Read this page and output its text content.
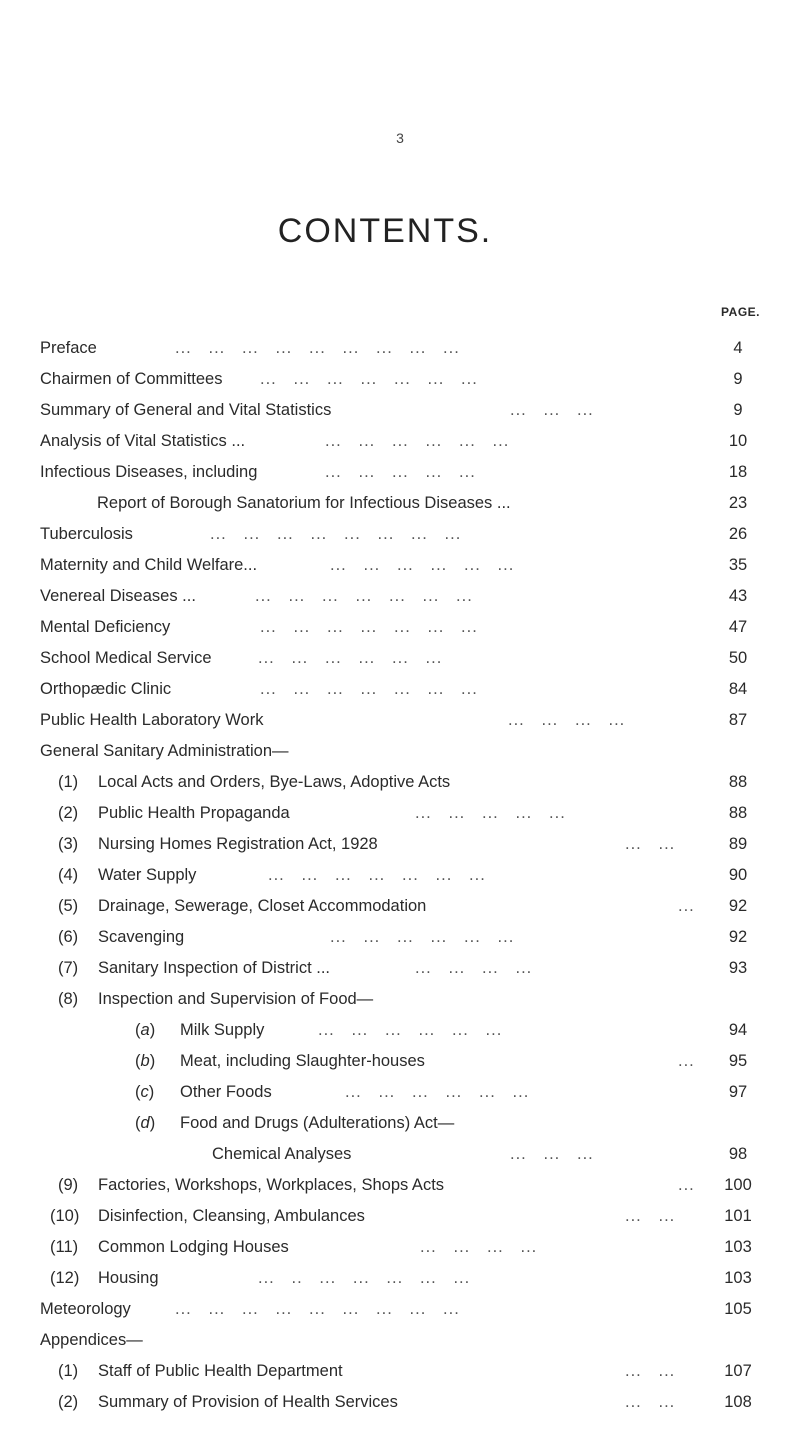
3
CONTENTS.
PAGE.
Preface	...   ...   ...   ...   ...   ...   ...   ...   ...	4
Chairmen of Committees ...   ...   ...   ...   ...   ...   ...	9
Summary of General and Vital Statistics	...   ...   ...	9
Analysis of Vital Statistics ...	...   ...   ...   ...   ...   ...	10
Infectious Diseases, including	...   ...   ...   ...   ...	18
Report of Borough Sanatorium for Infectious Diseases ...	23
Tuberculosis	...   ...   ...   ...   ...   ...   ...   ...	26
Maternity and Child Welfare...	...   ...   ...   ...   ...   ...	35
Venereal Diseases ...	...   ...   ...   ...   ...   ...   ...	43
Mental Deficiency	...   ...   ...   ...   ...   ...   ...	47
School Medical Service	...   ...   ...   ...   ...   ...	50
Orthopædic Clinic	...   ...   ...   ...   ...   ...   ...	84
Public Health Laboratory Work	...   ...   ...   ...	87
General Sanitary Administration—
(1) Local Acts and Orders, Bye-Laws, Adoptive Acts	88
(2) Public Health Propaganda	...   ...   ...   ...   ...	88
(3) Nursing Homes Registration Act, 1928	...   ...	89
(4) Water Supply	...   ...   ...   ...   ...   ...   ...	90
(5) Drainage, Sewerage, Closet Accommodation	...	92
(6) Scavenging	...   ...   ...   ...   ...   ...	92
(7) Sanitary Inspection of District ...	...   ...   ...   ...	93
(8) Inspection and Supervision of Food—
(a) Milk Supply	...   ...   ...   ...   ...   ...	94
(b) Meat, including Slaughter-houses	...	95
(c) Other Foods	...   ...   ...   ...   ...   ...	97
(d) Food and Drugs (Adulterations) Act—
Chemical Analyses	...   ...   ...	98
(9) Factories, Workshops, Workplaces, Shops Acts	...	100
(10) Disinfection, Cleansing, Ambulances	...   ...	101
(11) Common Lodging Houses	...   ...   ...   ...	103
(12) Housing	...   ..   ...   ...   ...   ...   ...	103
Meteorology	...   ...   ...   ...   ...   ...   ...   ...   ...	105
Appendices—
(1) Staff of Public Health Department	...   ...	107
(2) Summary of Provision of Health Services	...   ...	108
